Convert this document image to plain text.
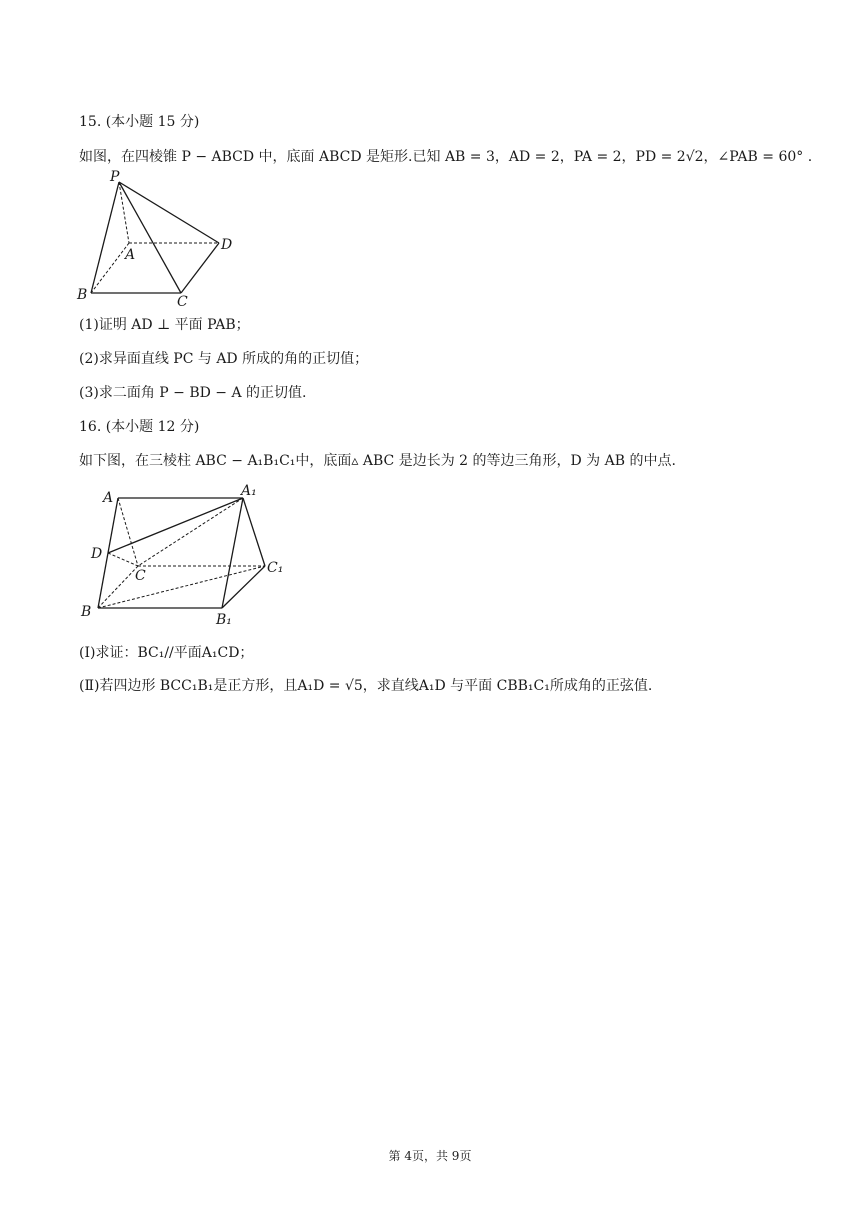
15. (本小题 15 分)
如图，在四棱锥 P − ABCD 中，底面 ABCD 是矩形.已知 AB = 3，AD = 2，PA = 2，PD = 2√2，∠PAB = 60° .
P
A
B	C
D
(1)证明 AD ⊥ 平面 PAB；
(2)求异面直线 PC 与 AD 所成的角的正切值；
(3)求二面角 P − BD − A 的正切值.
16. (本小题 12 分)
如下图，在三棱柱 ABC − A₁B₁C₁中，底面▵ ABC 是边长为 2 的等边三角形，D 为 AB 的中点.
A	A₁
D
C	C₁
B	B₁
(Ⅰ)求证：BC₁//平面A₁CD；
(Ⅱ)若四边形 BCC₁B₁是正方形，且A₁D = √5，求直线A₁D 与平面 CBB₁C₁所成角的正弦值.
第 4页，共 9页
